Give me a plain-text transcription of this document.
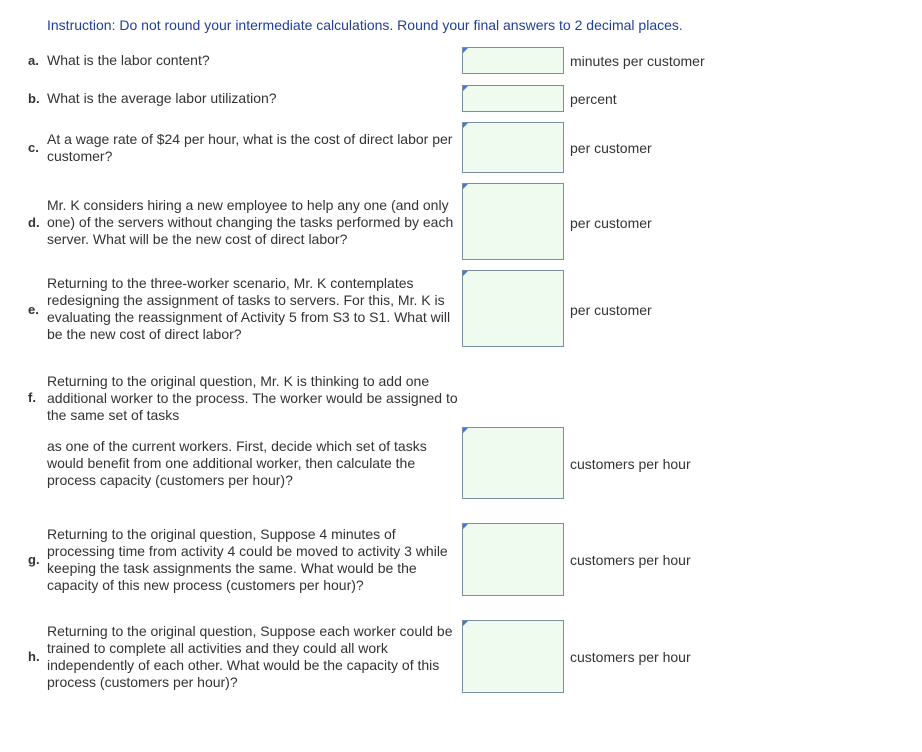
Instruction: Do not round your intermediate calculations. Round your final answers to 2 decimal places.
a. What is the labor content?	minutes per customer
b. What is the average labor utilization?	percent
c.
At a wage rate of $24 per hour, what is the cost of direct labor per customer?	per customer
d.
Mr. K considers hiring a new employee to help any one (and only one) of the servers without changing the tasks performed by each server. What will be the new cost of direct labor?
per customer
e.
Returning to the three-worker scenario, Mr. K contemplates redesigning the assignment of tasks to servers. For this, Mr. K is evaluating the reassignment of Activity 5 from S3 to S1. What will be the new cost of direct labor?
per customer
f.
Returning to the original question, Mr. K is thinking to add one additional worker to the process. The worker would be assigned to the same set of tasks
as one of the current workers. First, decide which set of tasks would benefit from one additional worker, then calculate the process capacity (customers per hour)?
customers per hour
g.
Returning to the original question, Suppose 4 minutes of processing time from activity 4 could be moved to activity 3 while keeping the task assignments the same. What would be the capacity of this new process (customers per hour)?
customers per hour
h.
Returning to the original question, Suppose each worker could be trained to complete all activities and they could all work independently of each other. What would be the capacity of this process (customers per hour)?
customers per hour
